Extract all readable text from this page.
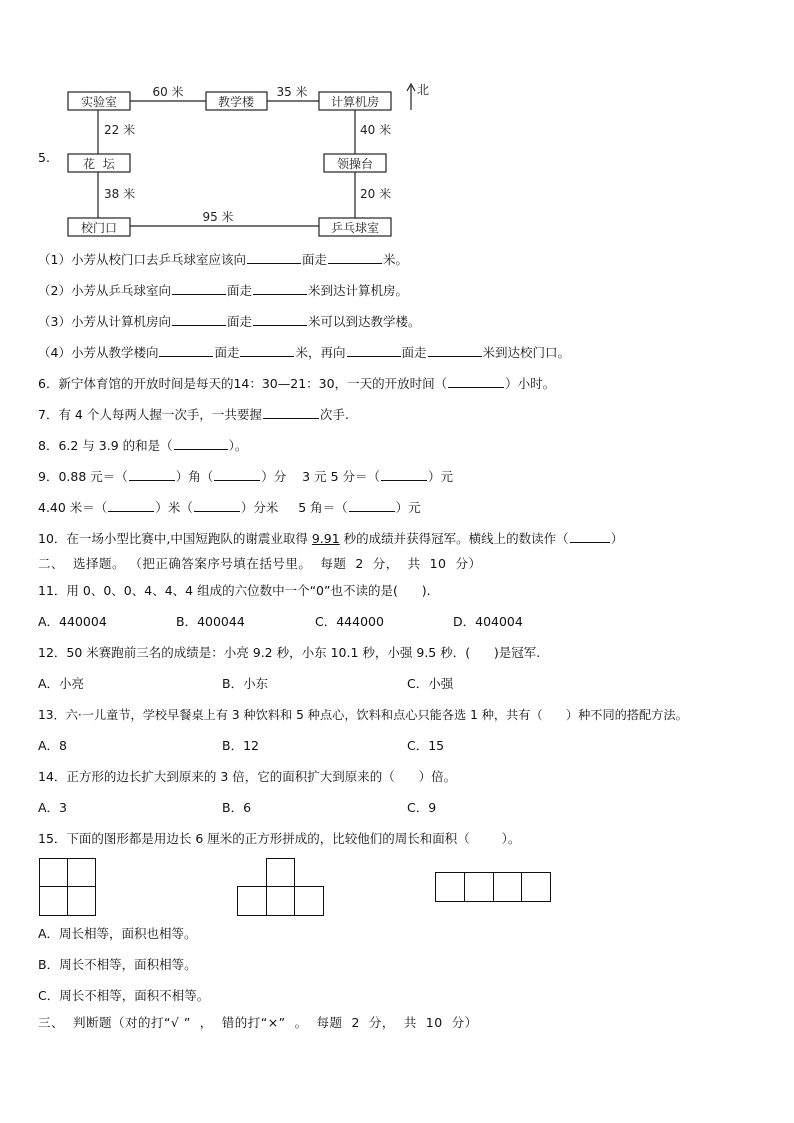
5.
实验室	教学楼	计算机房
花  坛	领操台
校门口	乒乓球室
60 米	35 米
95 米
22 米	40 米
38 米	20 米
北
（1）小芳从校门口去乒乓球室应该向	面走	米。
（2）小芳从乒乓球室向	面走	米到达计算机房。
（3）小芳从计算机房向	面走	米可以到达教学楼。
（4）小芳从教学楼向	面走	米，再向	面走	米到达校门口。
6．新宁体育馆的开放时间是每天的14：30—21：30，一天的开放时间（	）小时。
7．有 4 个人每两人握一次手，一共要握	次手.
8．6.2 与 3.9 的和是（	）。
9．0.88 元＝（	）角（	）分    3 元 5 分＝（	）元
4.40 米＝（	）米（	）分米     5 角＝（	）元
10．在一场小型比赛中,中国短跑队的谢震业取得 9.91 秒的成绩并获得冠军。横线上的数读作（	）
二、  选择题。 （把正确答案序号填在括号里。  每题  2  分，  共  10  分）
11．用 0、0、0、4、4、4 组成的六位数中一个“0”也不读的是(      ).
A．440004	B．400044	C．444000	D．404004
12．50 米赛跑前三名的成绩是：小亮 9.2 秒，小东 10.1 秒，小强 9.5 秒．(      )是冠军.
A．小亮	B．小东	C．小强
13．六·一儿童节，学校早餐桌上有 3 种饮料和 5 种点心，饮料和点心只能各选 1 种，共有（      ）种不同的搭配方法。
A．8	B．12	C．15
14．正方形的边长扩大到原来的 3 倍，它的面积扩大到原来的（      ）倍。
A．3	B．6	C．9
15．下面的图形都是用边长 6 厘米的正方形拼成的，比较他们的周长和面积（        ）。
A．周长相等，面积也相等。
B．周长不相等，面积相等。
C．周长不相等，面积不相等。
三、  判断题（对的打“√ ”  ，  错的打“×”  。  每题  2  分，  共  10  分）
